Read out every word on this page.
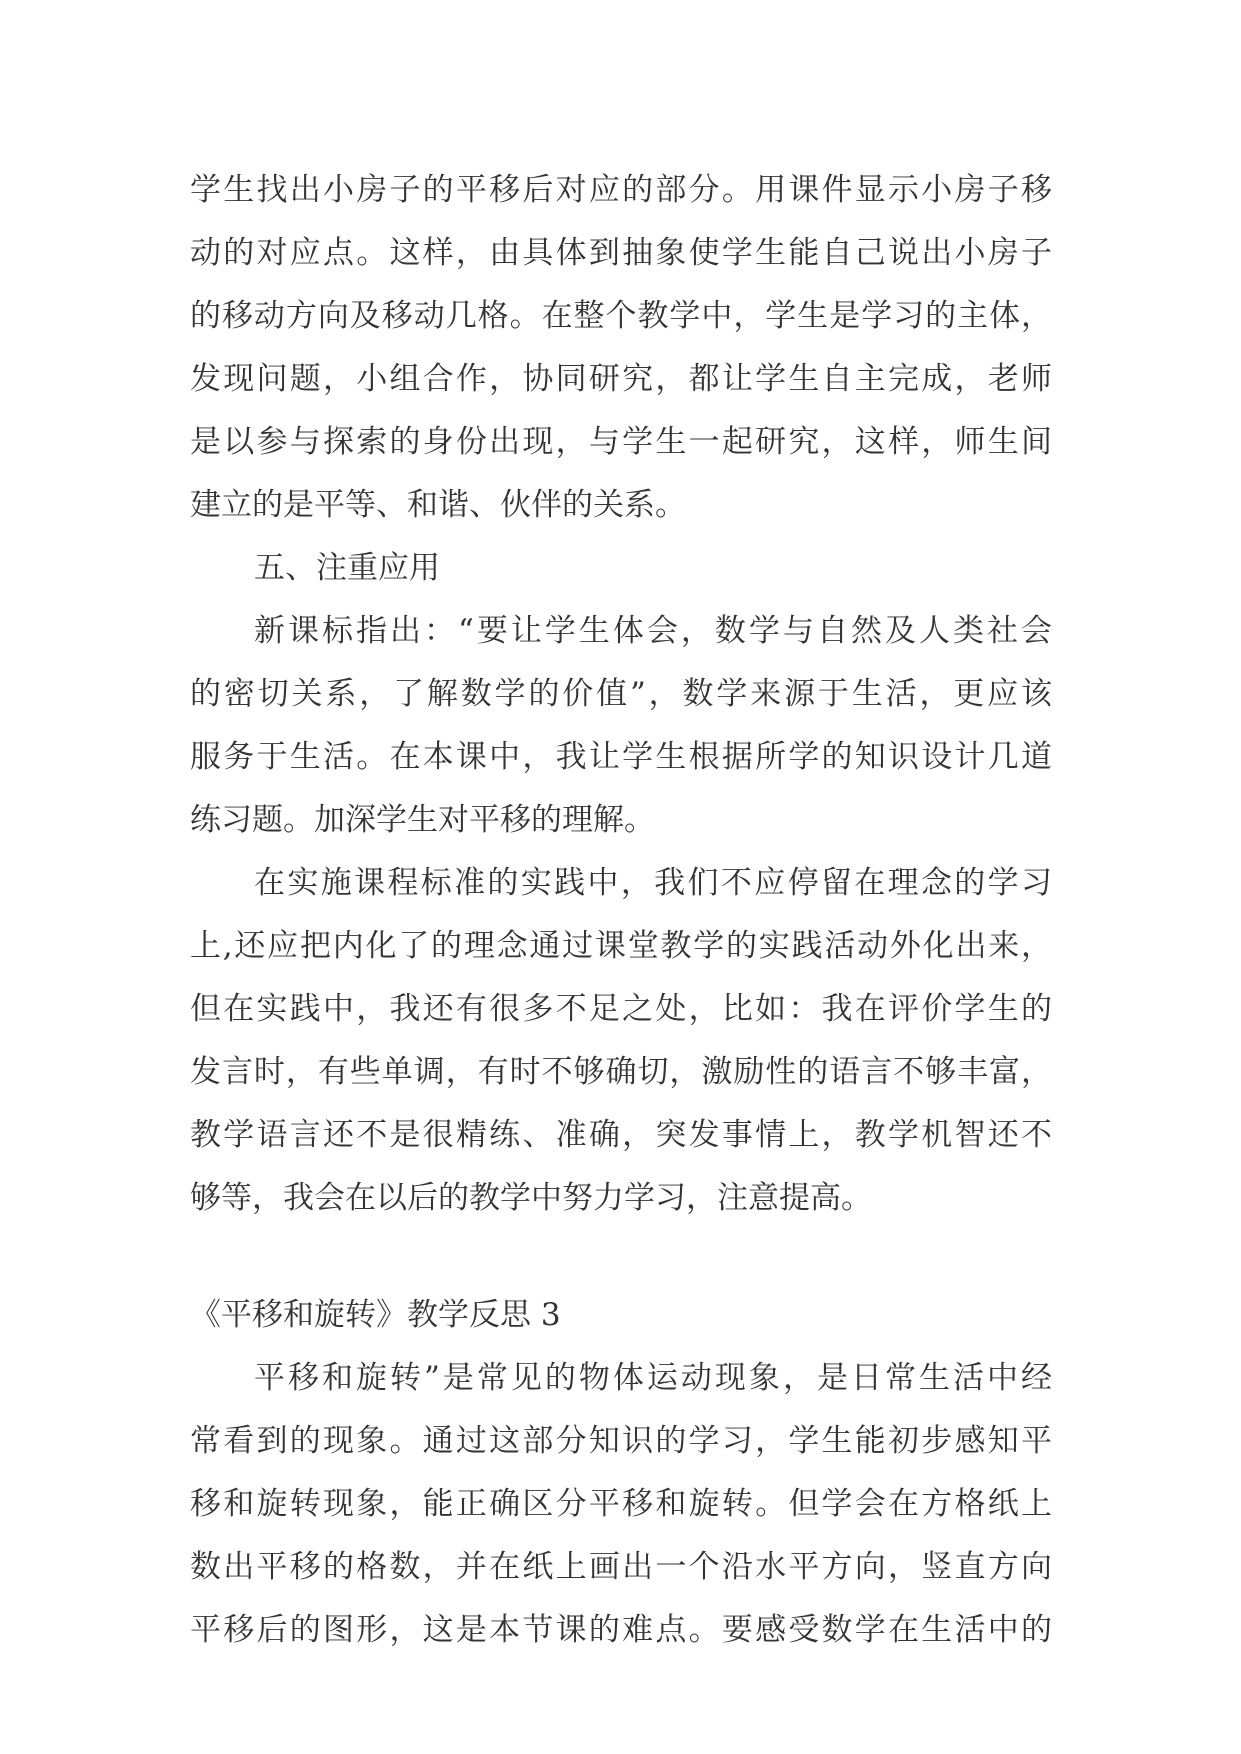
学生找出小房子的平移后对应的部分。用课件显示小房子移
动的对应点。这样，由具体到抽象使学生能自己说出小房子
的移动方向及移动几格。在整个教学中，学生是学习的主体，
发现问题，小组合作，协同研究，都让学生自主完成，老师
是以参与探索的身份出现，与学生一起研究，这样，师生间
建立的是平等、和谐、伙伴的关系。
五、注重应用
新课标指出：“要让学生体会，数学与自然及人类社会
的密切关系，了解数学的价值”，数学来源于生活，更应该
服务于生活。在本课中，我让学生根据所学的知识设计几道
练习题。加深学生对平移的理解。
在实施课程标准的实践中，我们不应停留在理念的学习
上,还应把内化了的理念通过课堂教学的实践活动外化出来，
但在实践中，我还有很多不足之处，比如：我在评价学生的
发言时，有些单调，有时不够确切，激励性的语言不够丰富，
教学语言还不是很精练、准确，突发事情上，教学机智还不
够等，我会在以后的教学中努力学习，注意提高。
《平移和旋转》教学反思 3
平移和旋转”是常见的物体运动现象，是日常生活中经
常看到的现象。通过这部分知识的学习，学生能初步感知平
移和旋转现象，能正确区分平移和旋转。但学会在方格纸上
数出平移的格数，并在纸上画出一个沿水平方向，竖直方向
平移后的图形，这是本节课的难点。要感受数学在生活中的
